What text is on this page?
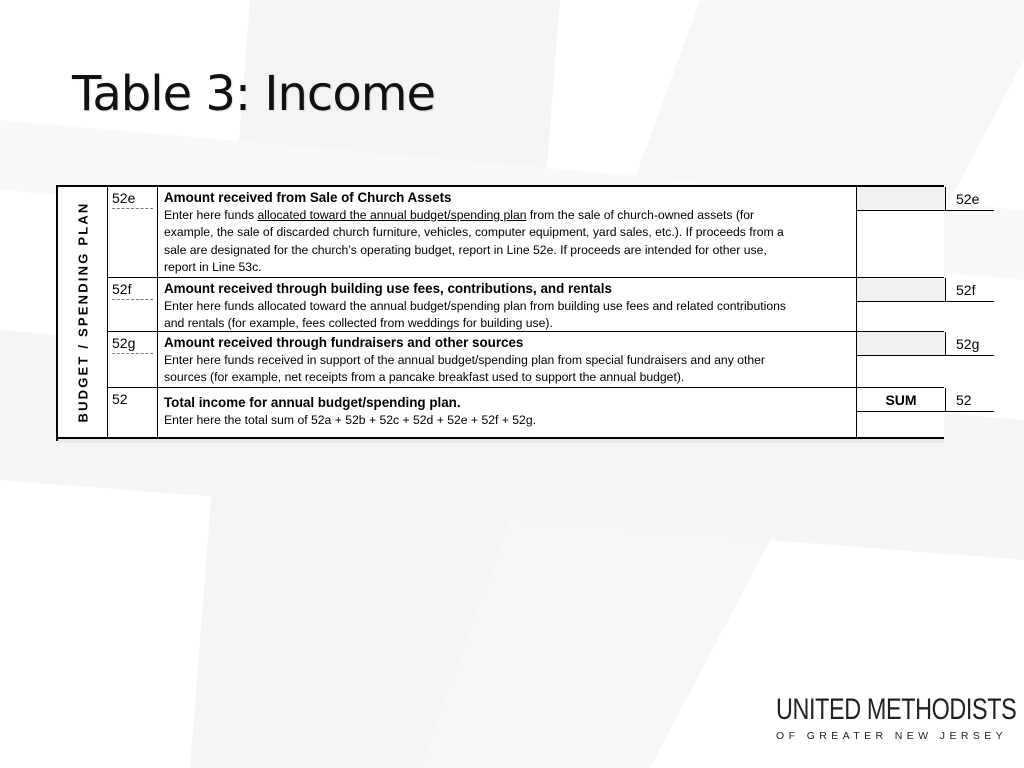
Table 3: Income
BUDGET / SPENDING PLAN
52e	Amount received from Sale of Church Assets
Enter here funds allocated toward the annual budget/spending plan from the sale of church-owned assets (for example, the sale of discarded church furniture, vehicles, computer equipment, yard sales, etc.). If proceeds from a sale are designated for the church’s operating budget, report in Line 52e. If proceeds are intended for other use, report in Line 53c.
52e
52f	Amount received through building use fees, contributions, and rentals
Enter here funds allocated toward the annual budget/spending plan from building use fees and related contributions and rentals (for example, fees collected from weddings for building use).
52f
52g	Amount received through fundraisers and other sources
Enter here funds received in support of the annual budget/spending plan from special fundraisers and any other sources (for example, net receipts from a pancake breakfast used to support the annual budget).
52g
52	Total income for annual budget/spending plan.
Enter here the total sum of 52a + 52b + 52c + 52d + 52e + 52f + 52g.
SUM	52
UNITED METHODISTS
OF GREATER NEW JERSEY
